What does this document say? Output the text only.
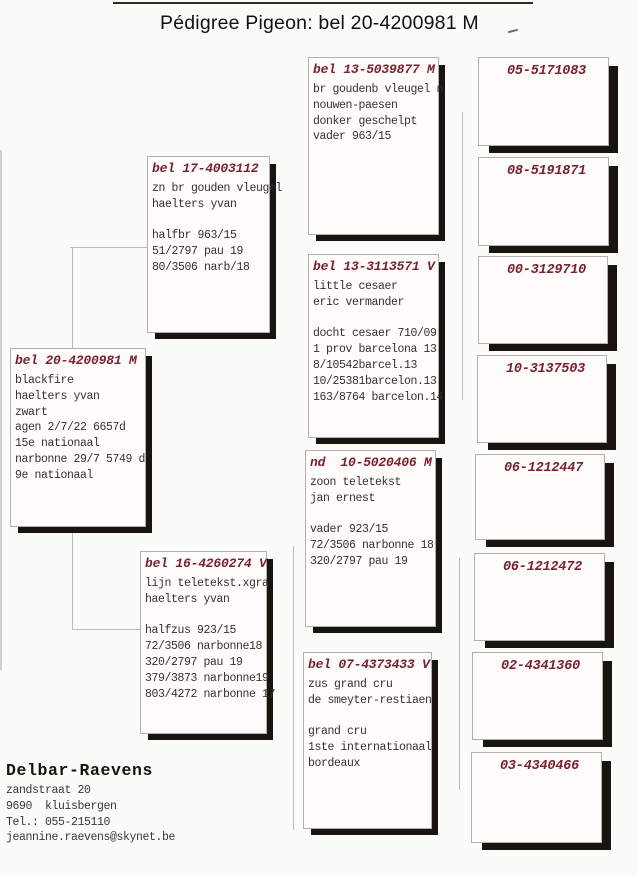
Pédigree Pigeon: bel 20-4200981 M
bel 20-4200981 M
blackfire
haelters yvan
zwart
agen 2/7/22 6657d
15e nationaal
narbonne 29/7 5749 d
9e nationaal
bel 17-4003112
zn br gouden vleugel
haelters yvan
halfbr 963/15
51/2797 pau 19
80/3506 narb/18
bel 16-4260274 V
lijn teletekst.xgra
haelters yvan
halfzus 923/15
72/3506 narbonne18
320/2797 pau 19
379/3873 narbonne19
803/4272 narbonne 17
bel 13-5039877 M
br goudenb vleugel n
nouwen-paesen
donker geschelpt
vader 963/15
bel 13-3113571 V
little cesaer
eric vermander
docht cesaer 710/09
1 prov barcelona 13
8/10542barcel.13
10/25381barcelon.13
163/8764 barcelon.14
nd  10-5020406 M
zoon teletekst
jan ernest
vader 923/15
72/3506 narbonne 18
320/2797 pau 19
bel 07-4373433 V
zus grand cru
de smeyter-restiaen
grand cru
1ste internationaal
bordeaux
05-5171083
08-5191871
00-3129710
10-3137503
06-1212447
06-1212472
02-4341360
03-4340466
Delbar-Raevens
zandstraat 20
9690  kluisbergen
Tel.: 055-215110
jeannine.raevens@skynet.be
